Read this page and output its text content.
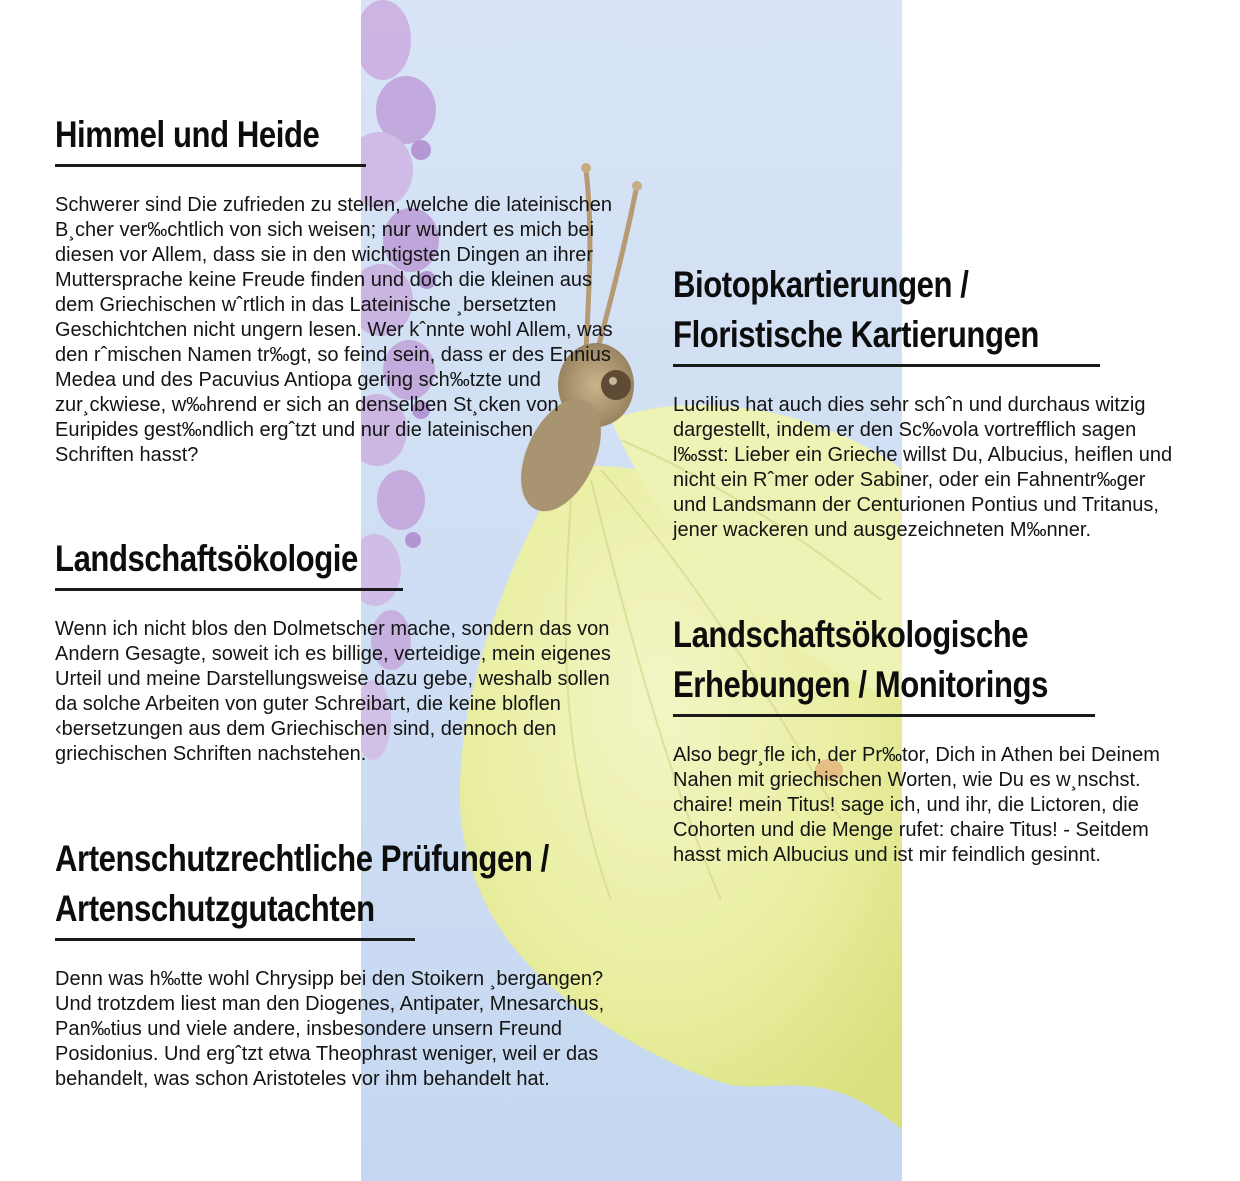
Himmel und Heide

Schwerer sind Die zufrieden zu stellen, welche die lateinischen B¸cher ver‰chtlich von sich weisen; nur wundert es mich bei diesen vor Allem, dass sie in den wichtigsten Dingen an ihrer Muttersprache keine Freude finden und doch die kleinen aus dem Griechischen wˆrtlich in das Lateinische ¸bersetzten Geschichtchen nicht ungern lesen. Wer kˆnnte wohl Allem, was den rˆmischen Namen tr‰gt, so feind sein, dass er des Ennius Medea und des Pacuvius Antiopa gering sch‰tzte und zur¸ckwiese, w‰hrend er sich an denselben St¸cken von Euripides gest‰ndlich ergˆtzt und nur die lateinischen Schriften hasst?

Landschaftsökologie

Wenn ich nicht blos den Dolmetscher mache, sondern das von Andern Gesagte, soweit ich es billige, verteidige, mein eigenes Urteil und meine Darstellungsweise dazu gebe, weshalb sollen da solche Arbeiten von guter Schreibart, die keine bloflen ‹bersetzungen aus dem Griechischen sind, dennoch den griechischen Schriften nachstehen.

Artenschutzrechtliche Prüfungen /
Artenschutzgutachten

Denn was h‰tte wohl Chrysipp bei den Stoikern ¸bergangen? Und trotzdem liest man den Diogenes, Antipater, Mnesarchus, Pan‰tius und viele andere, insbesondere unsern Freund Posidonius. Und ergˆtzt etwa Theophrast weniger, weil er das behandelt, was schon Aristoteles vor ihm behandelt hat.

Biotopkartierungen /
Floristische Kartierungen

Lucilius hat auch dies sehr schˆn und durchaus witzig dargestellt, indem er den Sc‰vola vortrefflich sagen l‰sst: Lieber ein Grieche willst Du, Albucius, heiflen und nicht ein Rˆmer oder Sabiner, oder ein Fahnentr‰ger und Landsmann der Centurionen Pontius und Tritanus, jener wackeren und ausgezeichneten M‰nner.

Landschaftsökologische
Erhebungen / Monitorings

Also begr¸fle ich, der Pr‰tor, Dich in Athen bei Deinem Nahen mit griechischen Worten, wie Du es w¸nschst. chaire! mein Titus! sage ich, und ihr, die Lictoren, die Cohorten und die Menge rufet: chaire Titus! - Seitdem hasst mich Albucius und ist mir feindlich gesinnt.
